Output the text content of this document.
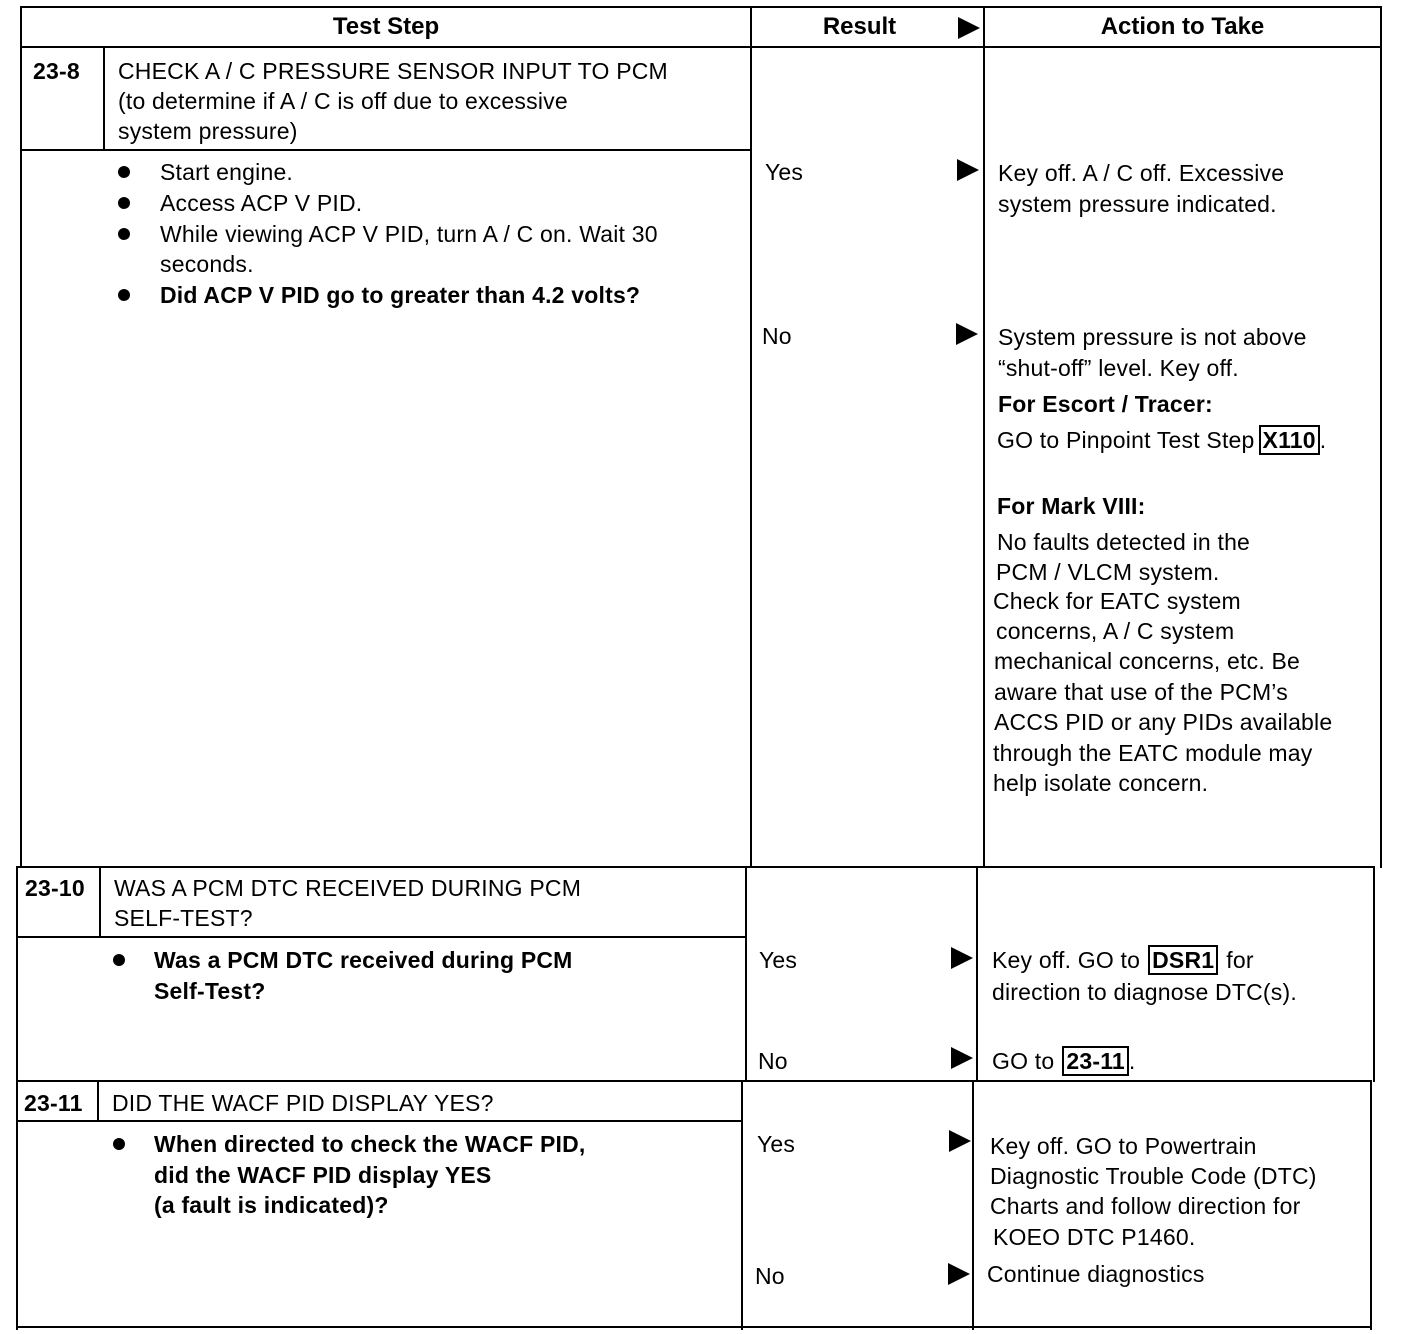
Test Step	Result	Action to Take
23-8 CHECK A / C PRESSURE SENSOR INPUT TO PCM
(to determine if A / C is off due to excessive
system pressure)
Start engine.
Access ACP V PID.
While viewing ACP V PID, turn A / C on. Wait 30
seconds.
Did ACP V PID go to greater than 4.2 volts?
Yes	Key off. A / C off. Excessive
system pressure indicated.
No	System pressure is not above
“shut-off” level. Key off.
For Escort / Tracer:
GO to Pinpoint Test Step X110 .
For Mark VIII:
No faults detected in the
PCM / VLCM system.
Check for EATC system
concerns, A / C system
mechanical concerns, etc. Be
aware that use of the PCM’s
ACCS PID or any PIDs available
through the EATC module may
help isolate concern.
23-10 WAS A PCM DTC RECEIVED DURING PCM
SELF-TEST?
Was a PCM DTC received during PCM
Self-Test?
Yes	Key off. GO to DSR1 for
direction to diagnose DTC(s).
No	GO to 23-11 .
23-11 DID THE WACF PID DISPLAY YES?
When directed to check the WACF PID,
did the WACF PID display YES
(a fault is indicated)?
Yes	Key off. GO to Powertrain
Diagnostic Trouble Code (DTC)
Charts and follow direction for
KOEO DTC P1460.
No	Continue diagnostics
